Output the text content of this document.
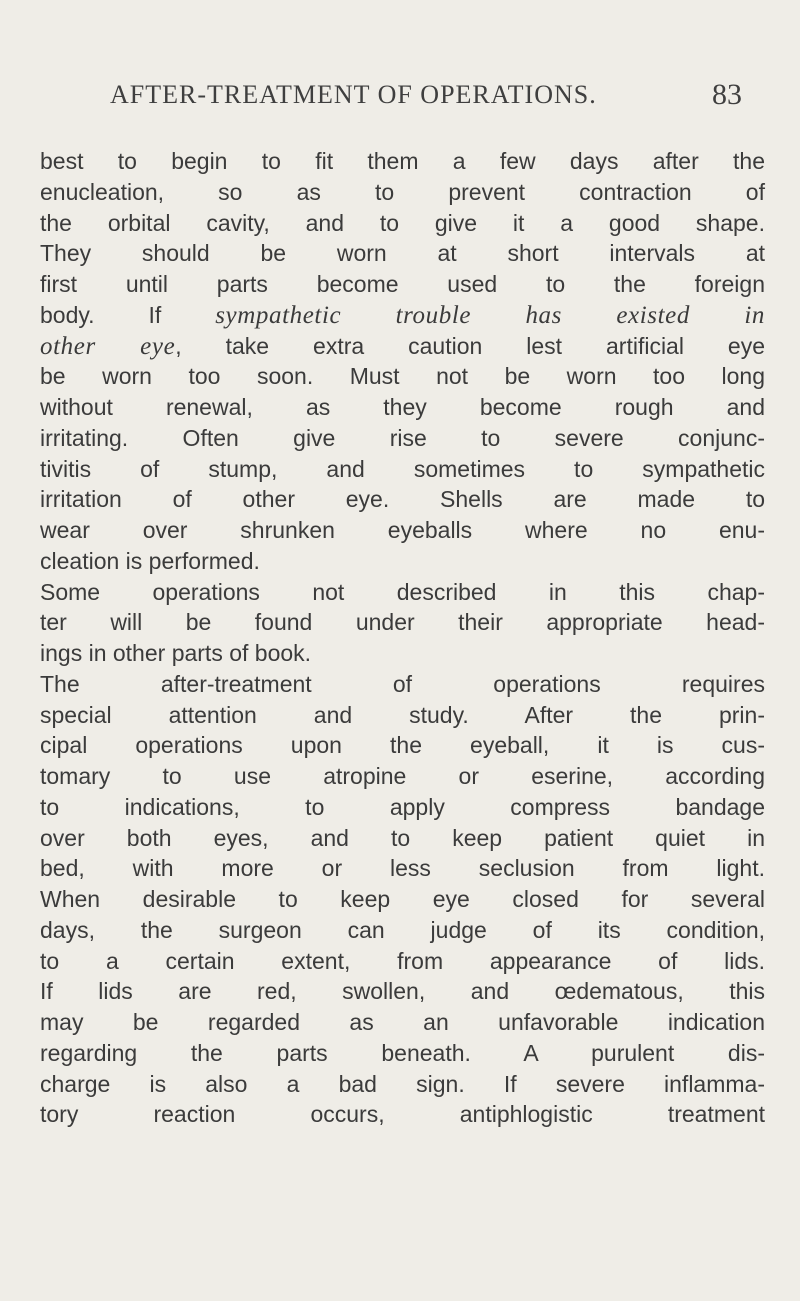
AFTER-TREATMENT OF OPERATIONS.	83
best to begin to fit them a few days after the
enucleation, so as to prevent contraction of
the orbital cavity, and to give it a good shape.
They should be worn at short intervals at
first until parts become used to the foreign
body. If sympathetic trouble has existed in
other eye, take extra caution lest artificial eye
be worn too soon. Must not be worn too long
without renewal, as they become rough and
irritating. Often give rise to severe conjunc-
tivitis of stump, and sometimes to sympathetic
irritation of other eye. Shells are made to
wear over shrunken eyeballs where no enu-
cleation is performed.
Some operations not described in this chap-
ter will be found under their appropriate head-
ings in other parts of book.
The after-treatment of operations requires
special attention and study. After the prin-
cipal operations upon the eyeball, it is cus-
tomary to use atropine or eserine, according
to indications, to apply compress bandage
over both eyes, and to keep patient quiet in
bed, with more or less seclusion from light.
When desirable to keep eye closed for several
days, the surgeon can judge of its condition,
to a certain extent, from appearance of lids.
If lids are red, swollen, and œdematous, this
may be regarded as an unfavorable indication
regarding the parts beneath. A purulent dis-
charge is also a bad sign. If severe inflamma-
tory reaction occurs, antiphlogistic treatment
